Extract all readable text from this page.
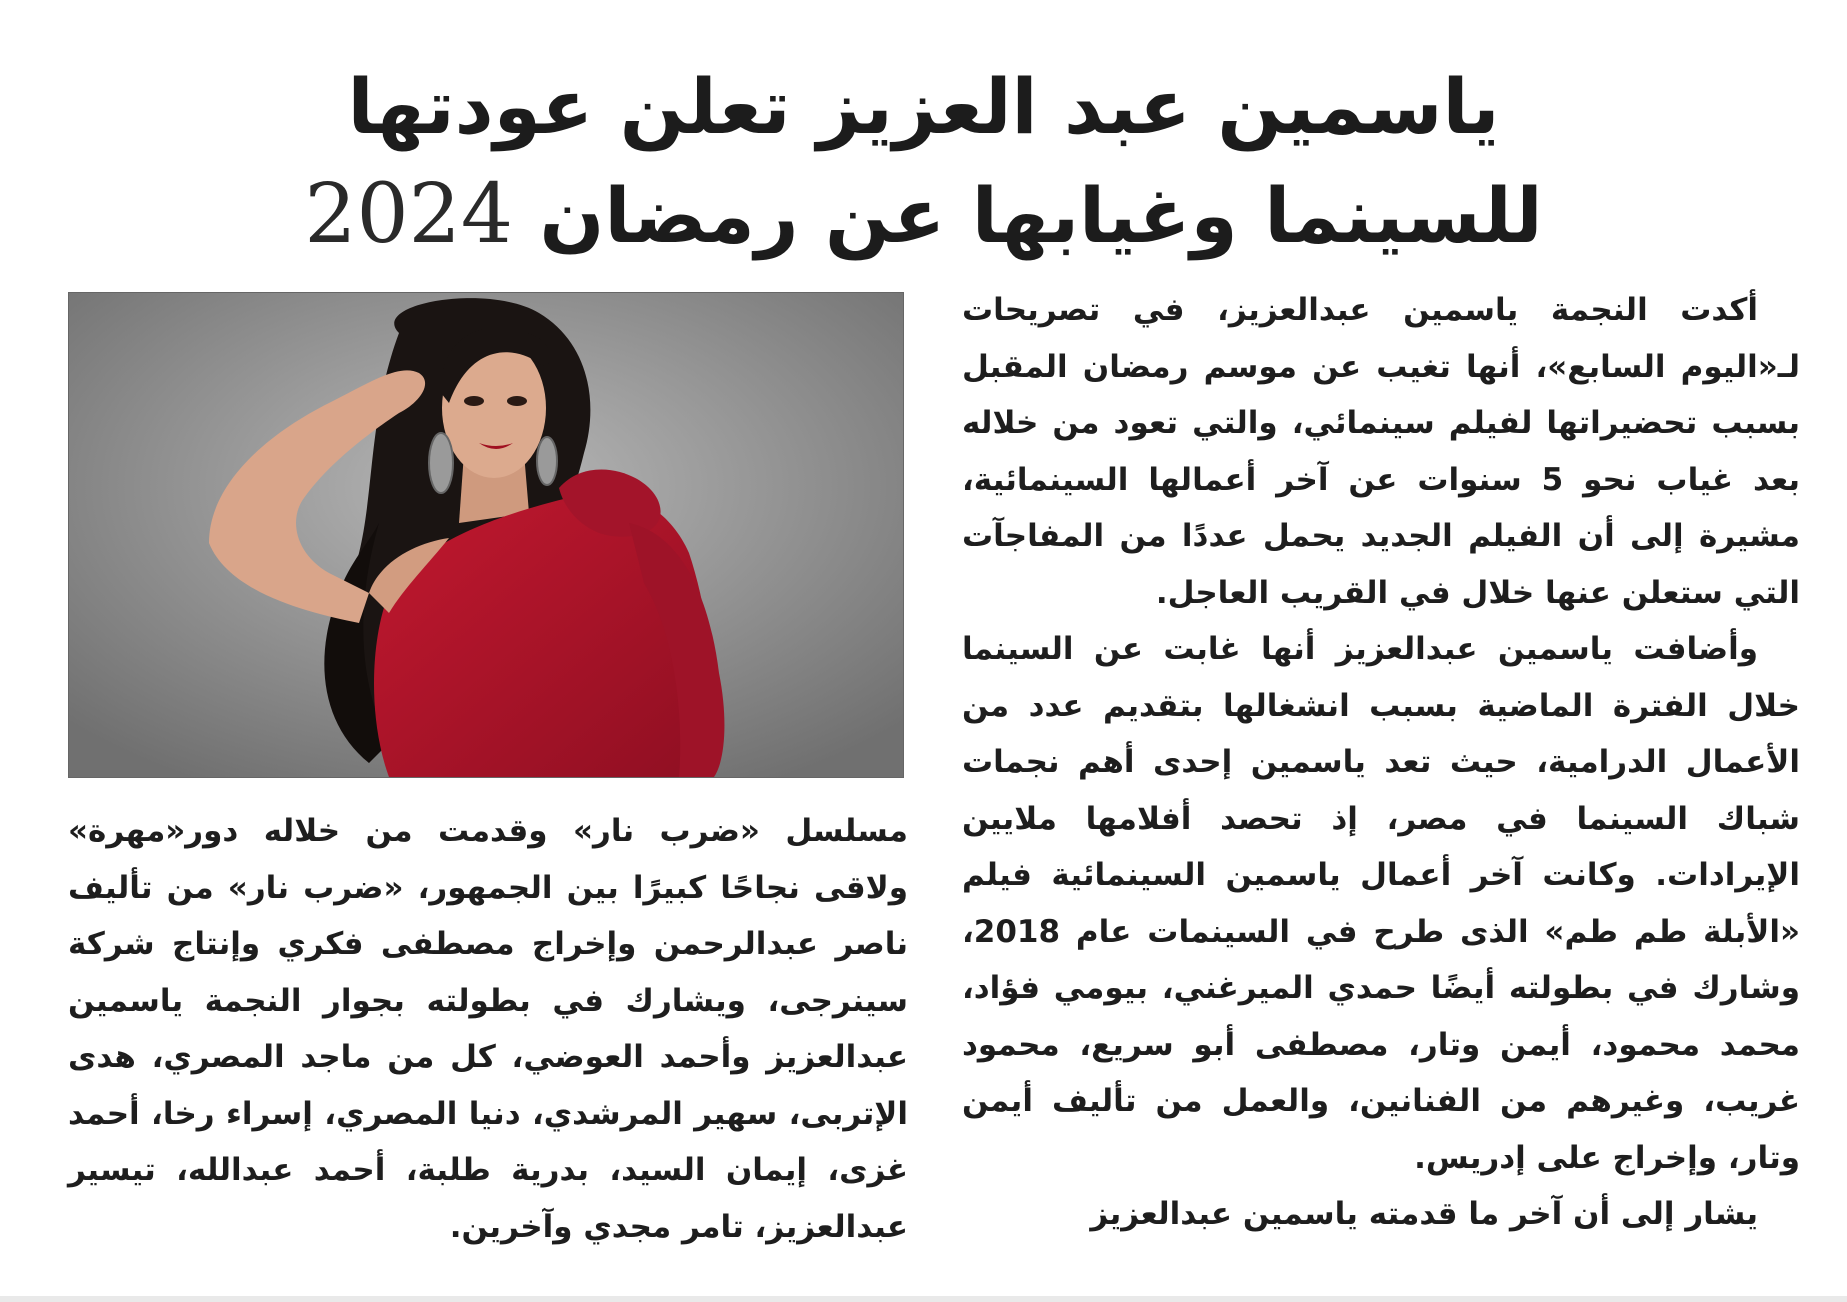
ياسمين عبد العزيز تعلن عودتها
للسينما وغيابها عن رمضان 2024

أكدت النجمة ياسمين عبدالعزيز، في تصريحات لـ«اليوم السابع»، أنها تغيب عن موسم رمضان المقبل بسبب تحضيراتها لفيلم سينمائي، والتي تعود من خلاله بعد غياب نحو 5 سنوات عن آخر أعمالها السينمائية، مشيرة إلى أن الفيلم الجديد يحمل عددًا من المفاجآت التي ستعلن عنها خلال في القريب العاجل.

وأضافت ياسمين عبدالعزيز أنها غابت عن السينما خلال الفترة الماضية بسبب انشغالها بتقديم عدد من الأعمال الدرامية، حيث تعد ياسمين إحدى أهم نجمات شباك السينما في مصر، إذ تحصد أفلامها ملايين الإيرادات. وكانت آخر أعمال ياسمين السينمائية فيلم «الأبلة طم طم» الذى طرح في السينمات عام 2018، وشارك في بطولته أيضًا حمدي الميرغني، بيومي فؤاد، محمد محمود، أيمن وتار، مصطفى أبو سريع، محمود غريب، وغيرهم من الفنانين، والعمل من تأليف أيمن وتار، وإخراج على إدريس.

يشار إلى أن آخر ما قدمته ياسمين عبدالعزيز

مسلسل «ضرب نار» وقدمت من خلاله دور«مهرة» ولاقى نجاحًا كبيرًا بين الجمهور، «ضرب نار» من تأليف ناصر عبدالرحمن وإخراج مصطفى فكري وإنتاج شركة سينرجى، ويشارك في بطولته بجوار النجمة ياسمين عبدالعزيز وأحمد العوضي، كل من ماجد المصري، هدى الإتربى، سهير المرشدي، دنيا المصري، إسراء رخا، أحمد غزى، إيمان السيد، بدرية طلبة، أحمد عبدالله، تيسير عبدالعزيز، تامر مجدي وآخرين.
